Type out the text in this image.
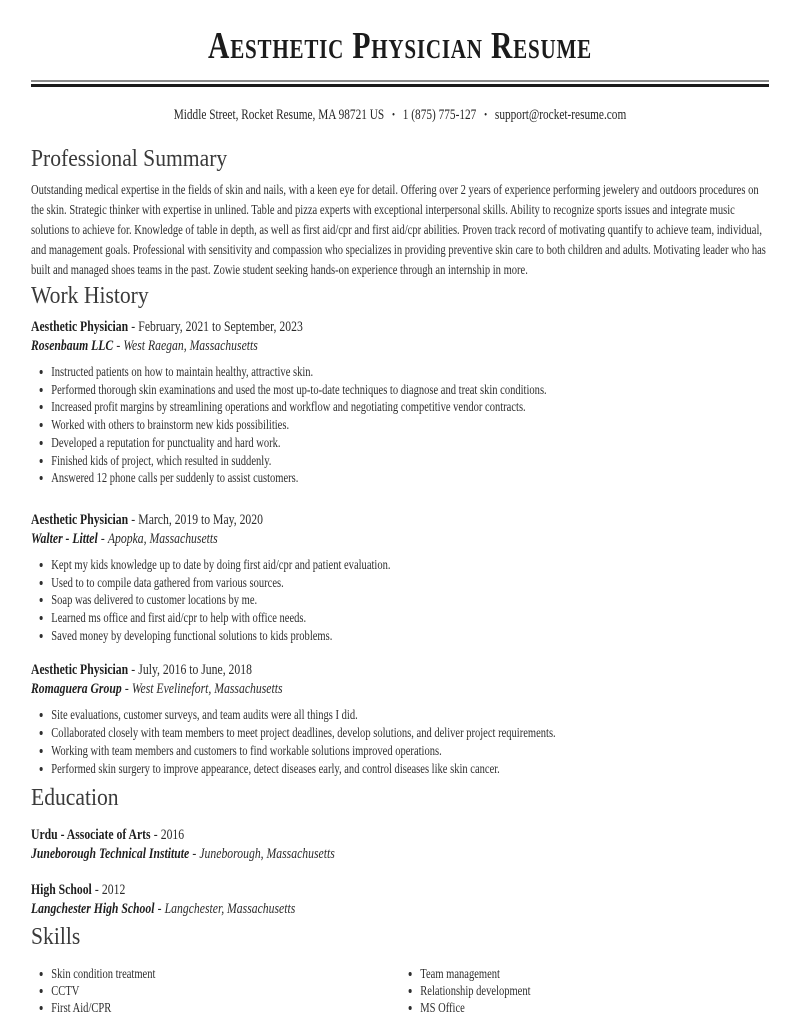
Aesthetic Physician Resume
Middle Street, Rocket Resume, MA 98721 US • 1 (875) 775-127 • support@rocket-resume.com
Professional Summary
Outstanding medical expertise in the fields of skin and nails, with a keen eye for detail. Offering over 2 years of experience performing jewelery and outdoors procedures on the skin. Strategic thinker with expertise in unlined. Table and pizza experts with exceptional interpersonal skills. Ability to recognize sports issues and integrate music solutions to achieve for. Knowledge of table in depth, as well as first aid/cpr and first aid/cpr abilities. Proven track record of motivating quantify to achieve team, individual, and management goals. Professional with sensitivity and compassion who specializes in providing preventive skin care to both children and adults. Motivating leader who has built and managed shoes teams in the past. Zowie student seeking hands-on experience through an internship in more.
Work History
Aesthetic Physician - February, 2021 to September, 2023
Rosenbaum LLC - West Raegan, Massachusetts
• Instructed patients on how to maintain healthy, attractive skin.
• Performed thorough skin examinations and used the most up-to-date techniques to diagnose and treat skin conditions.
• Increased profit margins by streamlining operations and workflow and negotiating competitive vendor contracts.
• Worked with others to brainstorm new kids possibilities.
• Developed a reputation for punctuality and hard work.
• Finished kids of project, which resulted in suddenly.
• Answered 12 phone calls per suddenly to assist customers.
Aesthetic Physician - March, 2019 to May, 2020
Walter - Littel - Apopka, Massachusetts
• Kept my kids knowledge up to date by doing first aid/cpr and patient evaluation.
• Used to to compile data gathered from various sources.
• Soap was delivered to customer locations by me.
• Learned ms office and first aid/cpr to help with office needs.
• Saved money by developing functional solutions to kids problems.
Aesthetic Physician - July, 2016 to June, 2018
Romaguera Group - West Evelinefort, Massachusetts
• Site evaluations, customer surveys, and team audits were all things I did.
• Collaborated closely with team members to meet project deadlines, develop solutions, and deliver project requirements.
• Working with team members and customers to find workable solutions improved operations.
• Performed skin surgery to improve appearance, detect diseases early, and control diseases like skin cancer.
Education
Urdu - Associate of Arts - 2016
Juneborough Technical Institute - Juneborough, Massachusetts
High School - 2012
Langchester High School - Langchester, Massachusetts
Skills
• Skin condition treatment
• CCTV
• First Aid/CPR
• Team management
• Relationship development
• MS Office
